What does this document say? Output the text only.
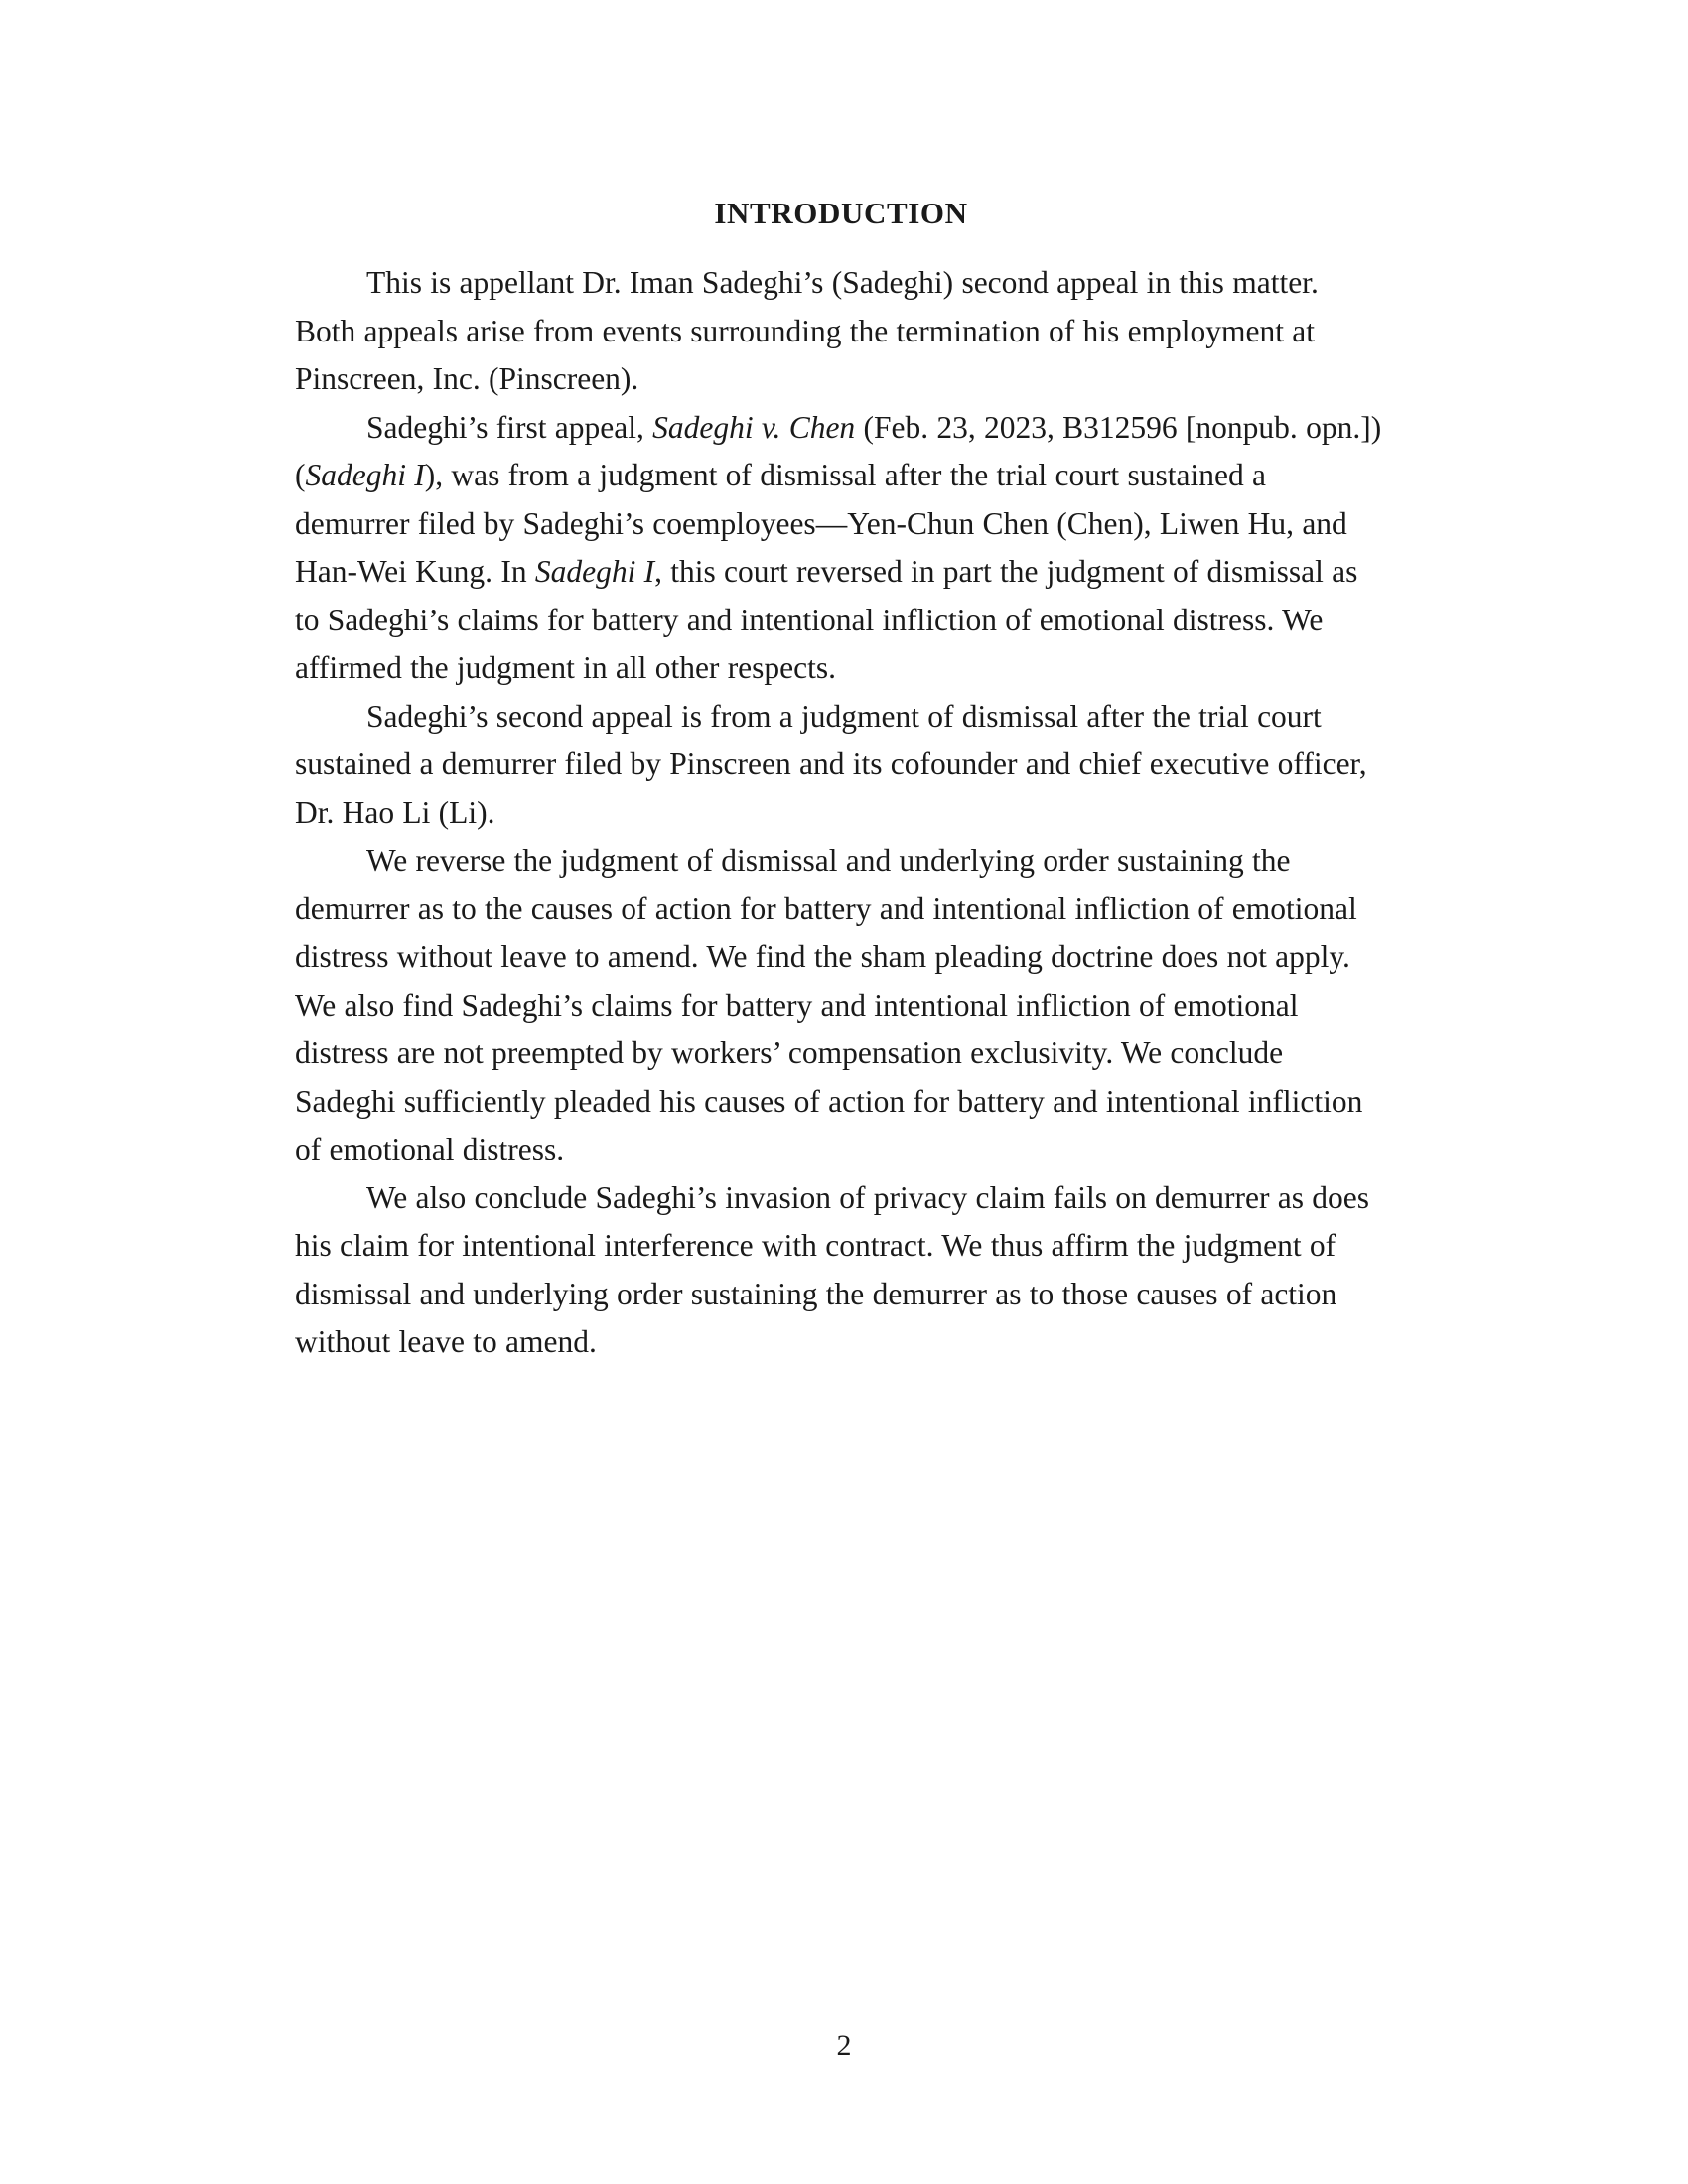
INTRODUCTION

This is appellant Dr. Iman Sadeghi’s (Sadeghi) second appeal in this matter. Both appeals arise from events surrounding the termination of his employment at Pinscreen, Inc. (Pinscreen).

Sadeghi’s first appeal, Sadeghi v. Chen (Feb. 23, 2023, B312596 [nonpub. opn.]) (Sadeghi I), was from a judgment of dismissal after the trial court sustained a demurrer filed by Sadeghi’s coemployees—Yen-Chun Chen (Chen), Liwen Hu, and Han-Wei Kung. In Sadeghi I, this court reversed in part the judgment of dismissal as to Sadeghi’s claims for battery and intentional infliction of emotional distress. We affirmed the judgment in all other respects.

Sadeghi’s second appeal is from a judgment of dismissal after the trial court sustained a demurrer filed by Pinscreen and its cofounder and chief executive officer, Dr. Hao Li (Li).

We reverse the judgment of dismissal and underlying order sustaining the demurrer as to the causes of action for battery and intentional infliction of emotional distress without leave to amend. We find the sham pleading doctrine does not apply. We also find Sadeghi’s claims for battery and intentional infliction of emotional distress are not preempted by workers’ compensation exclusivity. We conclude Sadeghi sufficiently pleaded his causes of action for battery and intentional infliction of emotional distress.

We also conclude Sadeghi’s invasion of privacy claim fails on demurrer as does his claim for intentional interference with contract. We thus affirm the judgment of dismissal and underlying order sustaining the demurrer as to those causes of action without leave to amend.

2
